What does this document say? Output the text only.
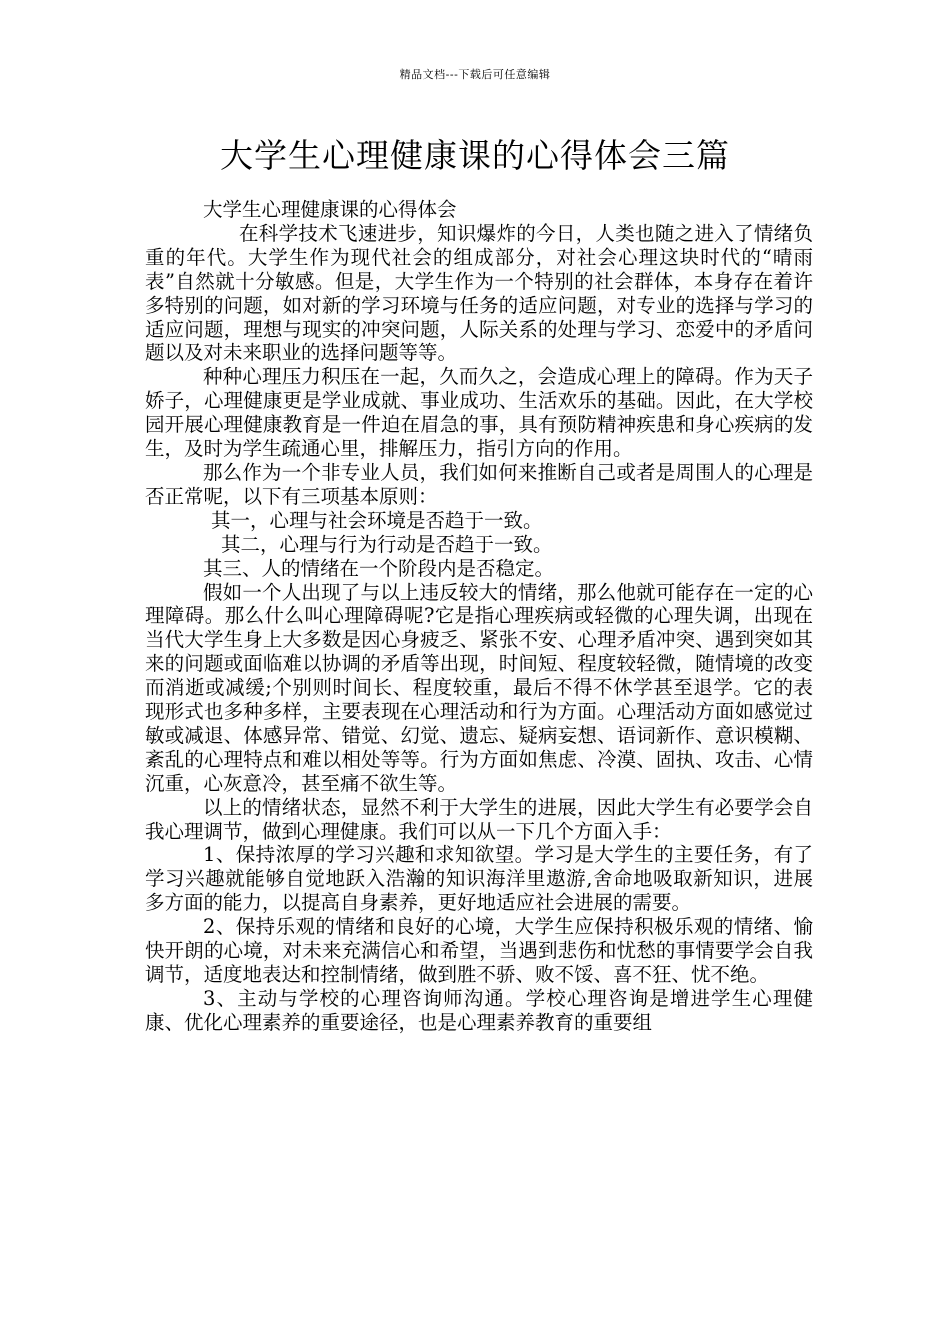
精品文档---下载后可任意编辑
大学生心理健康课的心得体会三篇

大学生心理健康课的心得体会

在科学技术飞速进步，知识爆炸的今日，人类也随之进入了情绪负重的年代。大学生作为现代社会的组成部分，对社会心理这块时代的“晴雨表”自然就十分敏感。但是，大学生作为一个特别的社会群体，本身存在着许多特别的问题，如对新的学习环境与任务的适应问题，对专业的选择与学习的适应问题，理想与现实的冲突问题，人际关系的处理与学习、恋爱中的矛盾问题以及对未来职业的选择问题等等。

种种心理压力积压在一起，久而久之，会造成心理上的障碍。作为天子娇子，心理健康更是学业成就、事业成功、生活欢乐的基础。因此，在大学校园开展心理健康教育是一件迫在眉急的事，具有预防精神疾患和身心疾病的发生，及时为学生疏通心里，排解压力，指引方向的作用。

那么作为一个非专业人员，我们如何来推断自己或者是周围人的心理是否正常呢，以下有三项基本原则：

其一，心理与社会环境是否趋于一致。

其二，心理与行为行动是否趋于一致。

其三、人的情绪在一个阶段内是否稳定。

假如一个人出现了与以上违反较大的情绪，那么他就可能存在一定的心理障碍。那么什么叫心理障碍呢?它是指心理疾病或轻微的心理失调，出现在当代大学生身上大多数是因心身疲乏、紧张不安、心理矛盾冲突、遇到突如其来的问题或面临难以协调的矛盾等出现，时间短、程度较轻微，随情境的改变而消逝或减缓;个别则时间长、程度较重，最后不得不休学甚至退学。它的表现形式也多种多样，主要表现在心理活动和行为方面。心理活动方面如感觉过敏或减退、体感异常、错觉、幻觉、遗忘、疑病妄想、语词新作、意识模糊、紊乱的心理特点和难以相处等等。行为方面如焦虑、冷漠、固执、攻击、心情沉重，心灰意冷，甚至痛不欲生等。

以上的情绪状态，显然不利于大学生的进展，因此大学生有必要学会自我心理调节，做到心理健康。我们可以从一下几个方面入手：

1、保持浓厚的学习兴趣和求知欲望。学习是大学生的主要任务，有了学习兴趣就能够自觉地跃入浩瀚的知识海洋里遨游,舍命地吸取新知识，进展多方面的能力，以提高自身素养，更好地适应社会进展的需要。

2、保持乐观的情绪和良好的心境，大学生应保持积极乐观的情绪、愉快开朗的心境，对未来充满信心和希望，当遇到悲伤和忧愁的事情要学会自我调节，适度地表达和控制情绪，做到胜不骄、败不馁、喜不狂、忧不绝。

3、主动与学校的心理咨询师沟通。学校心理咨询是增进学生心理健康、优化心理素养的重要途径，也是心理素养教育的重要组
